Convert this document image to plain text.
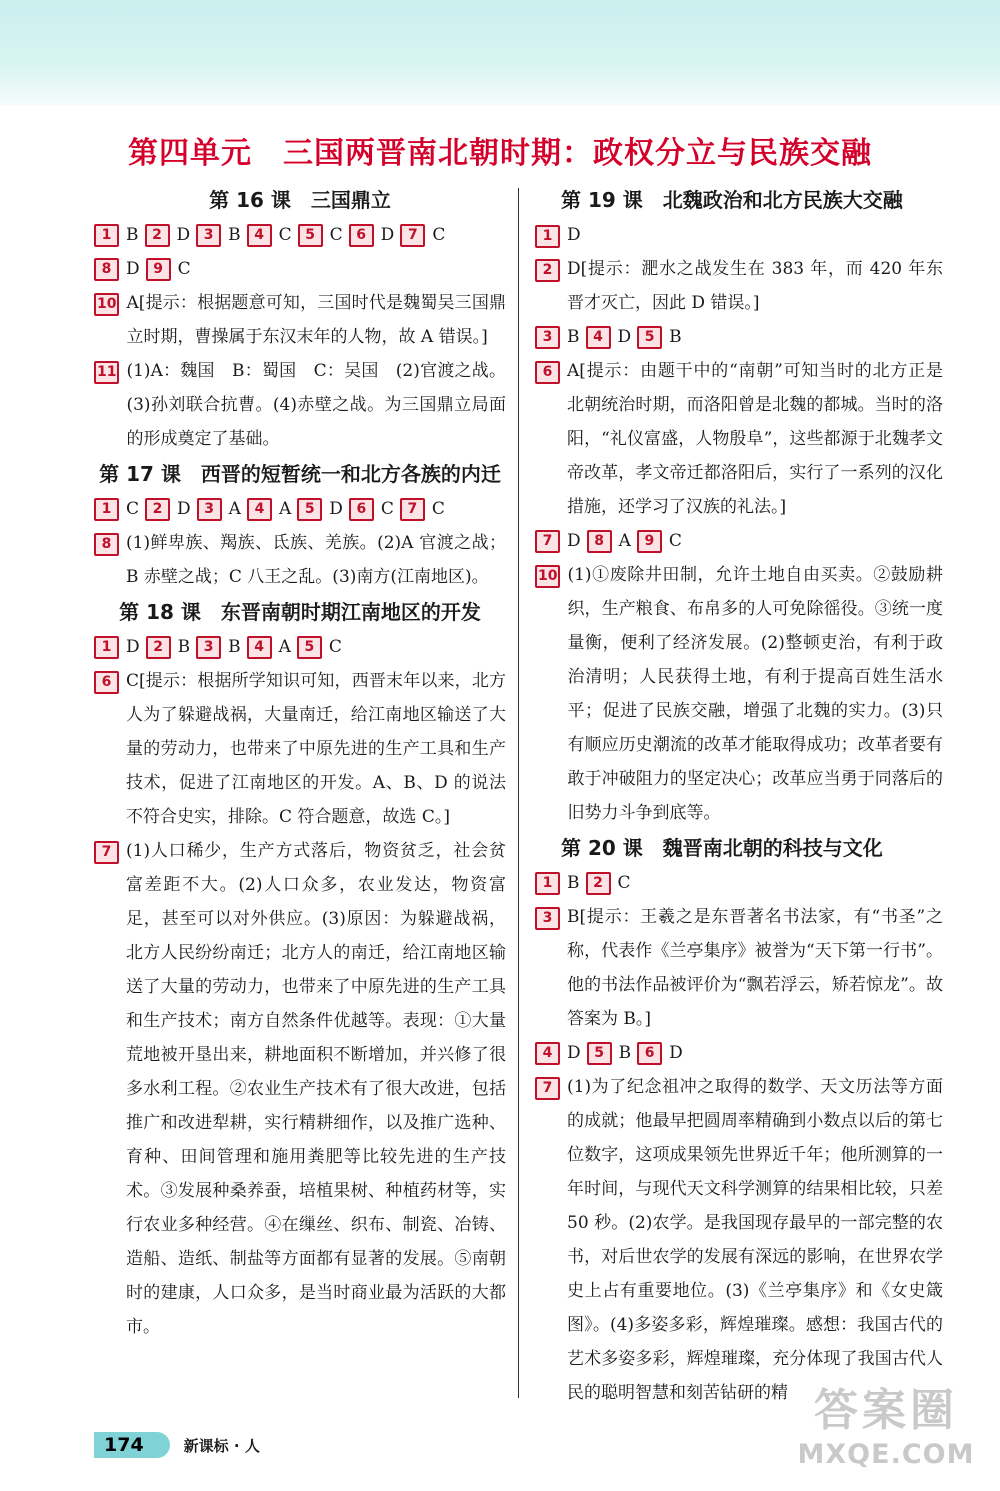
第四单元　三国两晋南北朝时期：政权分立与民族交融
第 16 课　三国鼎立
1 B 2 D 3 B 4 C 5 C 6 D 7 C
8 D 9 C
10 A[提示：根据题意可知，三国时代是魏蜀吴三国鼎立时期，曹操属于东汉末年的人物，故 A 错误。]
11 (1)A：魏国　B：蜀国　C：吴国　(2)官渡之战。(3)孙刘联合抗曹。(4)赤壁之战。为三国鼎立局面的形成奠定了基础。
第 17 课　西晋的短暂统一和北方各族的内迁
1 C 2 D 3 A 4 A 5 D 6 C 7 C
8 (1)鲜卑族、羯族、氐族、羌族。(2)A 官渡之战；B 赤壁之战；C 八王之乱。(3)南方(江南地区)。
第 18 课　东晋南朝时期江南地区的开发
1 D 2 B 3 B 4 A 5 C
6 C[提示：根据所学知识可知，西晋末年以来，北方人为了躲避战祸，大量南迁，给江南地区输送了大量的劳动力，也带来了中原先进的生产工具和生产技术，促进了江南地区的开发。A、B、D 的说法不符合史实，排除。C 符合题意，故选 C。]
7 (1)人口稀少，生产方式落后，物资贫乏，社会贫富差距不大。(2)人口众多，农业发达，物资富足，甚至可以对外供应。(3)原因：为躲避战祸，北方人民纷纷南迁；北方人的南迁，给江南地区输送了大量的劳动力，也带来了中原先进的生产工具和生产技术；南方自然条件优越等。表现：①大量荒地被开垦出来，耕地面积不断增加，并兴修了很多水利工程。②农业生产技术有了很大改进，包括推广和改进犁耕，实行精耕细作，以及推广选种、育种、田间管理和施用粪肥等比较先进的生产技术。③发展种桑养蚕，培植果树、种植药材等，实行农业多种经营。④在缫丝、织布、制瓷、冶铸、造船、造纸、制盐等方面都有显著的发展。⑤南朝时的建康，人口众多，是当时商业最为活跃的大都市。
第 19 课　北魏政治和北方民族大交融
1 D
2 D[提示：淝水之战发生在 383 年，而 420 年东晋才灭亡，因此 D 错误。]
3 B 4 D 5 B
6 A[提示：由题干中的“南朝”可知当时的北方正是北朝统治时期，而洛阳曾是北魏的都城。当时的洛阳，“礼仪富盛，人物殷阜”，这些都源于北魏孝文帝改革，孝文帝迁都洛阳后，实行了一系列的汉化措施，还学习了汉族的礼法。]
7 D 8 A 9 C
10 (1)①废除井田制，允许土地自由买卖。②鼓励耕织，生产粮食、布帛多的人可免除徭役。③统一度量衡，便利了经济发展。(2)整顿吏治，有利于政治清明；人民获得土地，有利于提高百姓生活水平；促进了民族交融，增强了北魏的实力。(3)只有顺应历史潮流的改革才能取得成功；改革者要有敢于冲破阻力的坚定决心；改革应当勇于同落后的旧势力斗争到底等。
第 20 课　魏晋南北朝的科技与文化
1 B 2 C
3 B[提示：王羲之是东晋著名书法家，有“书圣”之称，代表作《兰亭集序》被誉为“天下第一行书”。他的书法作品被评价为“飘若浮云，矫若惊龙”。故答案为 B。]
4 D 5 B 6 D
7 (1)为了纪念祖冲之取得的数学、天文历法等方面的成就；他最早把圆周率精确到小数点以后的第七位数字，这项成果领先世界近千年；他所测算的一年时间，与现代天文科学测算的结果相比较，只差 50 秒。(2)农学。是我国现存最早的一部完整的农书，对后世农学的发展有深远的影响，在世界农学史上占有重要地位。(3)《兰亭集序》和《女史箴图》。(4)多姿多彩，辉煌璀璨。感想：我国古代的艺术多姿多彩，辉煌璀璨，充分体现了我国古代人民的聪明智慧和刻苦钻研的精
174	新课标 · 人
答案圈
MXQE.COM
